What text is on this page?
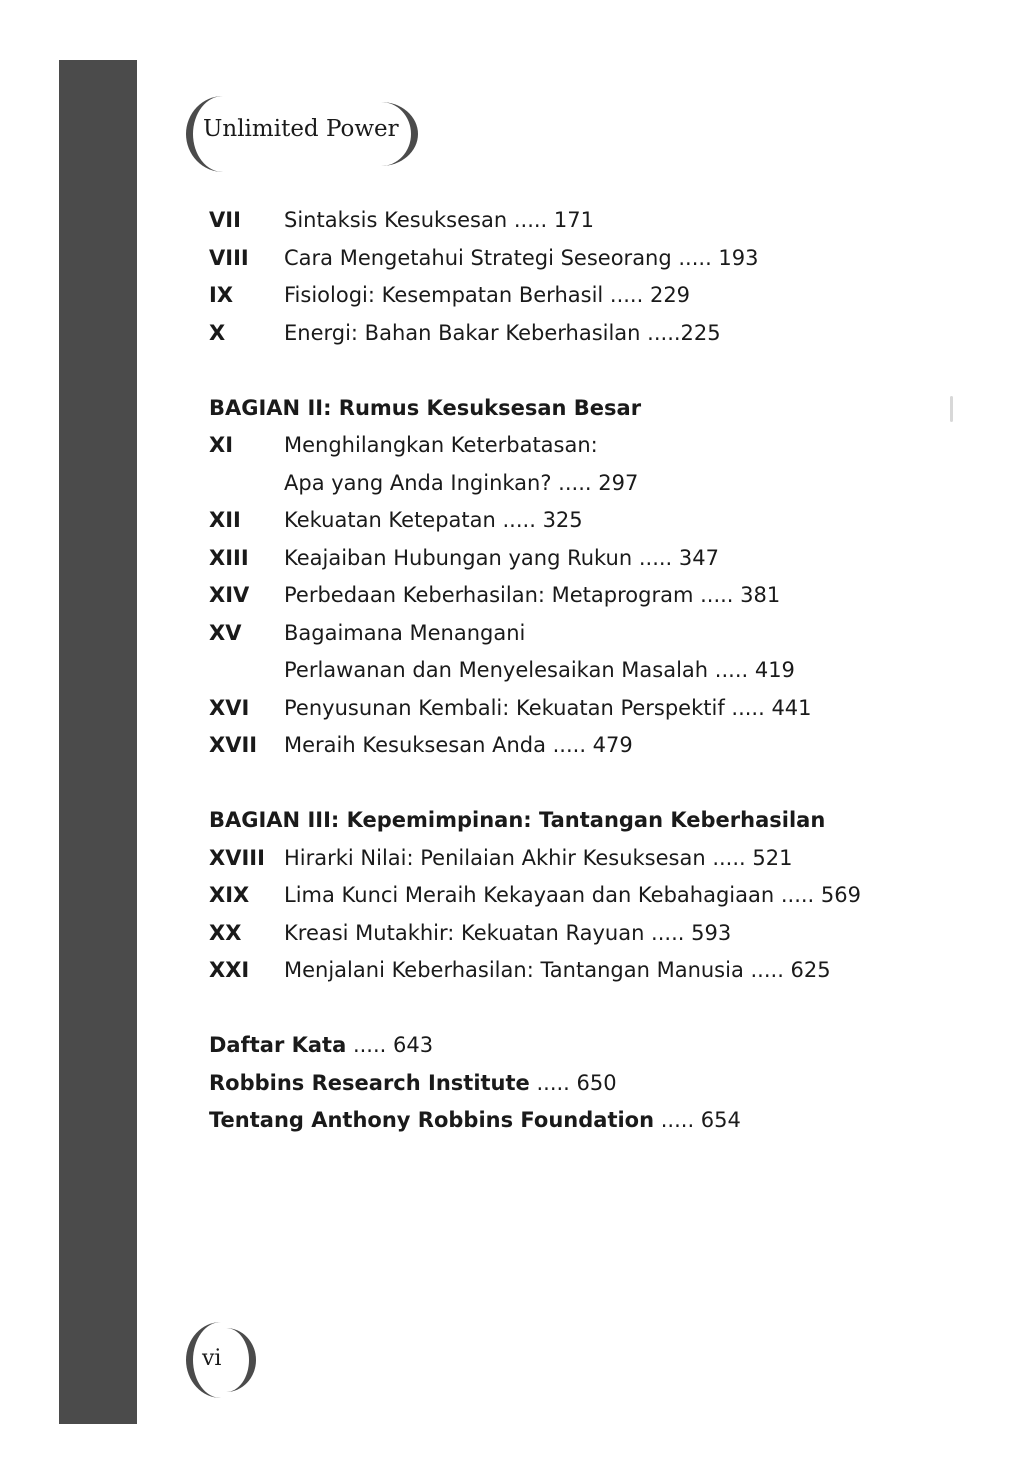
Unlimited Power
VII Sintaksis Kesuksesan ..... 171
VIII Cara Mengetahui Strategi Seseorang ..... 193
IX Fisiologi: Kesempatan Berhasil ..... 229
X	Energi: Bahan Bakar Keberhasilan .....225
BAGIAN II: Rumus Kesuksesan Besar
XI Menghilangkan Keterbatasan:
Apa yang Anda Inginkan? ..... 297
XII Kekuatan Ketepatan ..... 325
XIII Keajaiban Hubungan yang Rukun ..... 347
XIV Perbedaan Keberhasilan: Metaprogram ..... 381
XV Bagaimana Menangani
Perlawanan dan Menyelesaikan Masalah ..... 419
XVI Penyusunan Kembali: Kekuatan Perspektif ..... 441
XVII Meraih Kesuksesan Anda ..... 479
BAGIAN III: Kepemimpinan: Tantangan Keberhasilan
XVIII Hirarki Nilai: Penilaian Akhir Kesuksesan ..... 521
XIX Lima Kunci Meraih Kekayaan dan Kebahagiaan ..... 569
XX Kreasi Mutakhir: Kekuatan Rayuan ..... 593
XXI Menjalani Keberhasilan: Tantangan Manusia ..... 625
Daftar Kata ..... 643
Robbins Research Institute ..... 650
Tentang Anthony Robbins Foundation ..... 654
vi
